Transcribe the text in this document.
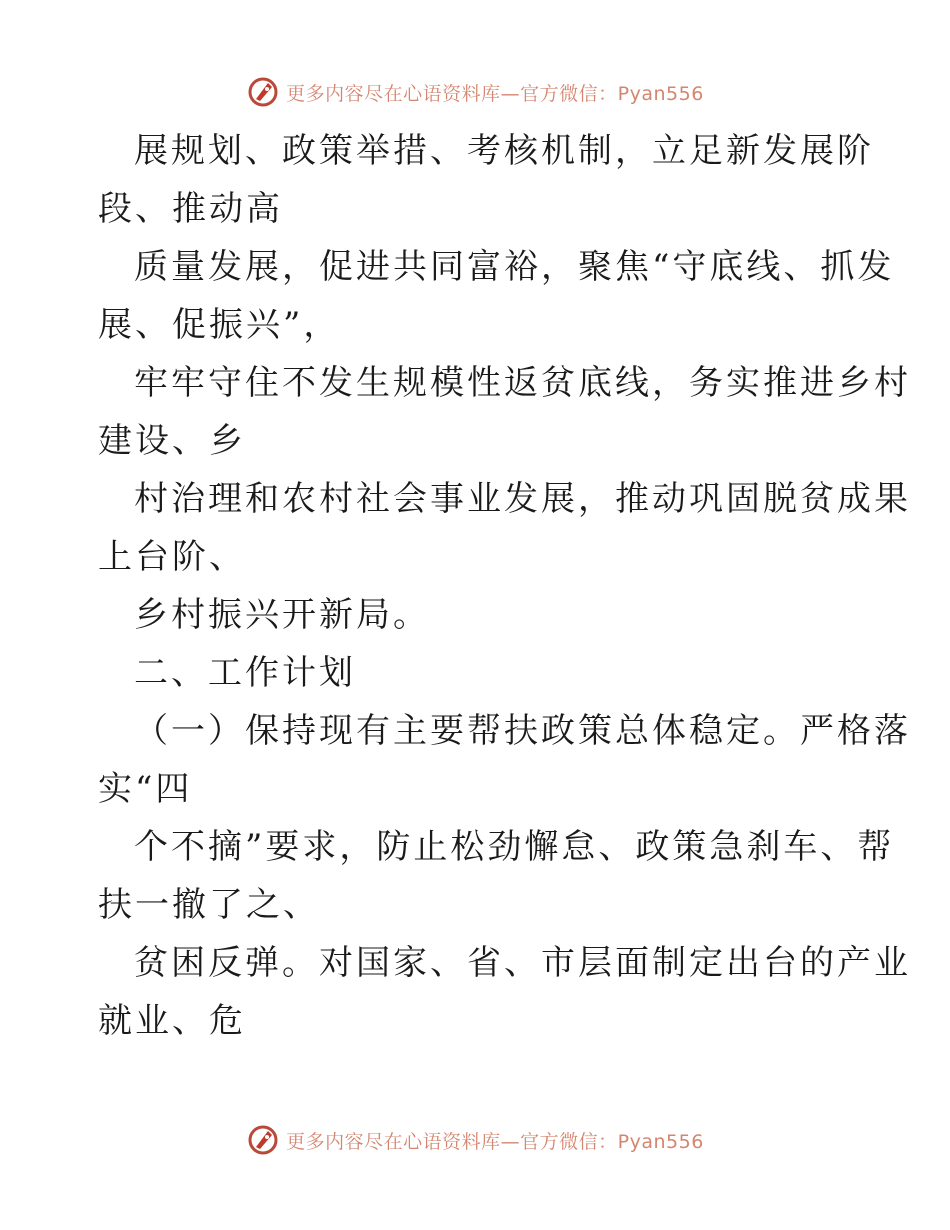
更多内容尽在心语资料库—官方微信：Pyan556
展规划、政策举措、考核机制，立足新发展阶
段、推动高
质量发展，促进共同富裕，聚焦“守底线、抓发
展、促振兴”，
牢牢守住不发生规模性返贫底线，务实推进乡村
建设、乡
村治理和农村社会事业发展，推动巩固脱贫成果
上台阶、
乡村振兴开新局。
二、工作计划
（一）保持现有主要帮扶政策总体稳定。严格落
实“四
个不摘”要求，防止松劲懈怠、政策急刹车、帮
扶一撤了之、
贫困反弹。对国家、省、市层面制定出台的产业
就业、危
更多内容尽在心语资料库—官方微信：Pyan556
